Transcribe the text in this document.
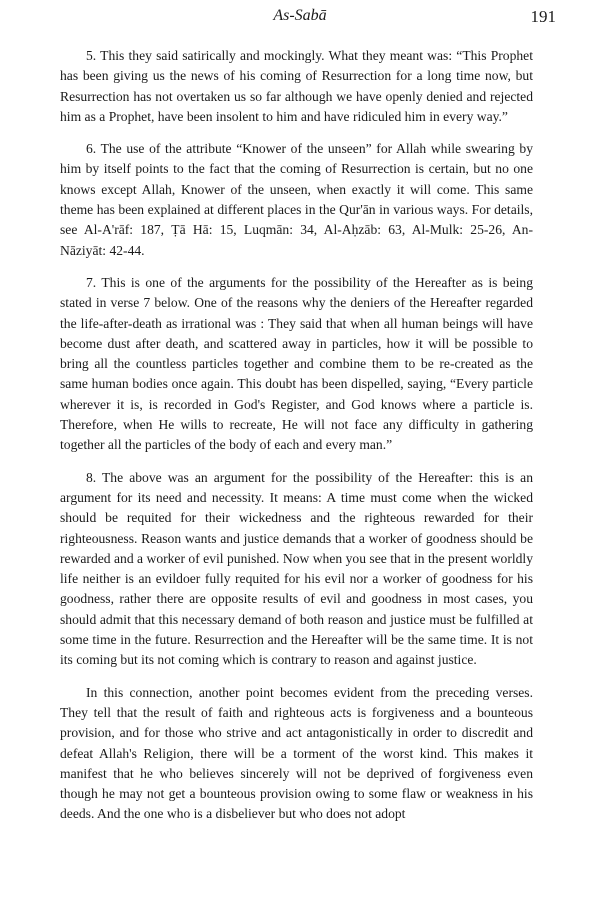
As-Sabā	191

5. This they said satirically and mockingly. What they meant was: “This Prophet has been giving us the news of his coming of Resurrection for a long time now, but Resurrection has not overtaken us so far although we have openly denied and rejected him as a Prophet, have been insolent to him and have ridiculed him in every way.”

6. The use of the attribute “Knower of the unseen” for Allah while swearing by him by itself points to the fact that the coming of Resurrection is certain, but no one knows except Allah, Knower of the unseen, when exactly it will come. This same theme has been explained at different places in the Qur'ān in various ways. For details, see Al-A'rāf: 187, Ṭā Hā: 15, Luqmān: 34, Al-Aḥzāb: 63, Al-Mulk: 25-26, An-Nāziyāt: 42-44.

7. This is one of the arguments for the possibility of the Hereafter as is being stated in verse 7 below. One of the reasons why the deniers of the Hereafter regarded the life-after-death as irrational was : They said that when all human beings will have become dust after death, and scattered away in particles, how it will be possible to bring all the countless particles together and combine them to be re-created as the same human bodies once again. This doubt has been dispelled, saying, “Every particle wherever it is, is recorded in God's Register, and God knows where a particle is. Therefore, when He wills to recreate, He will not face any difficulty in gathering together all the particles of the body of each and every man.”

8. The above was an argument for the possibility of the Hereafter: this is an argument for its need and necessity. It means: A time must come when the wicked should be requited for their wickedness and the righteous rewarded for their righteousness. Reason wants and justice demands that a worker of goodness should be rewarded and a worker of evil punished. Now when you see that in the present worldly life neither is an evildoer fully requited for his evil nor a worker of goodness for his goodness, rather there are opposite results of evil and goodness in most cases, you should admit that this necessary demand of both reason and justice must be fulfilled at some time in the future. Resurrection and the Hereafter will be the same time. It is not its coming but its not coming which is contrary to reason and against justice.

In this connection, another point becomes evident from the preceding verses. They tell that the result of faith and righteous acts is forgiveness and a bounteous provision, and for those who strive and act antagonistically in order to discredit and defeat Allah's Religion, there will be a torment of the worst kind. This makes it manifest that he who believes sincerely will not be deprived of forgiveness even though he may not get a bounteous provision owing to some flaw or weakness in his deeds. And the one who is a disbeliever but who does not adopt
